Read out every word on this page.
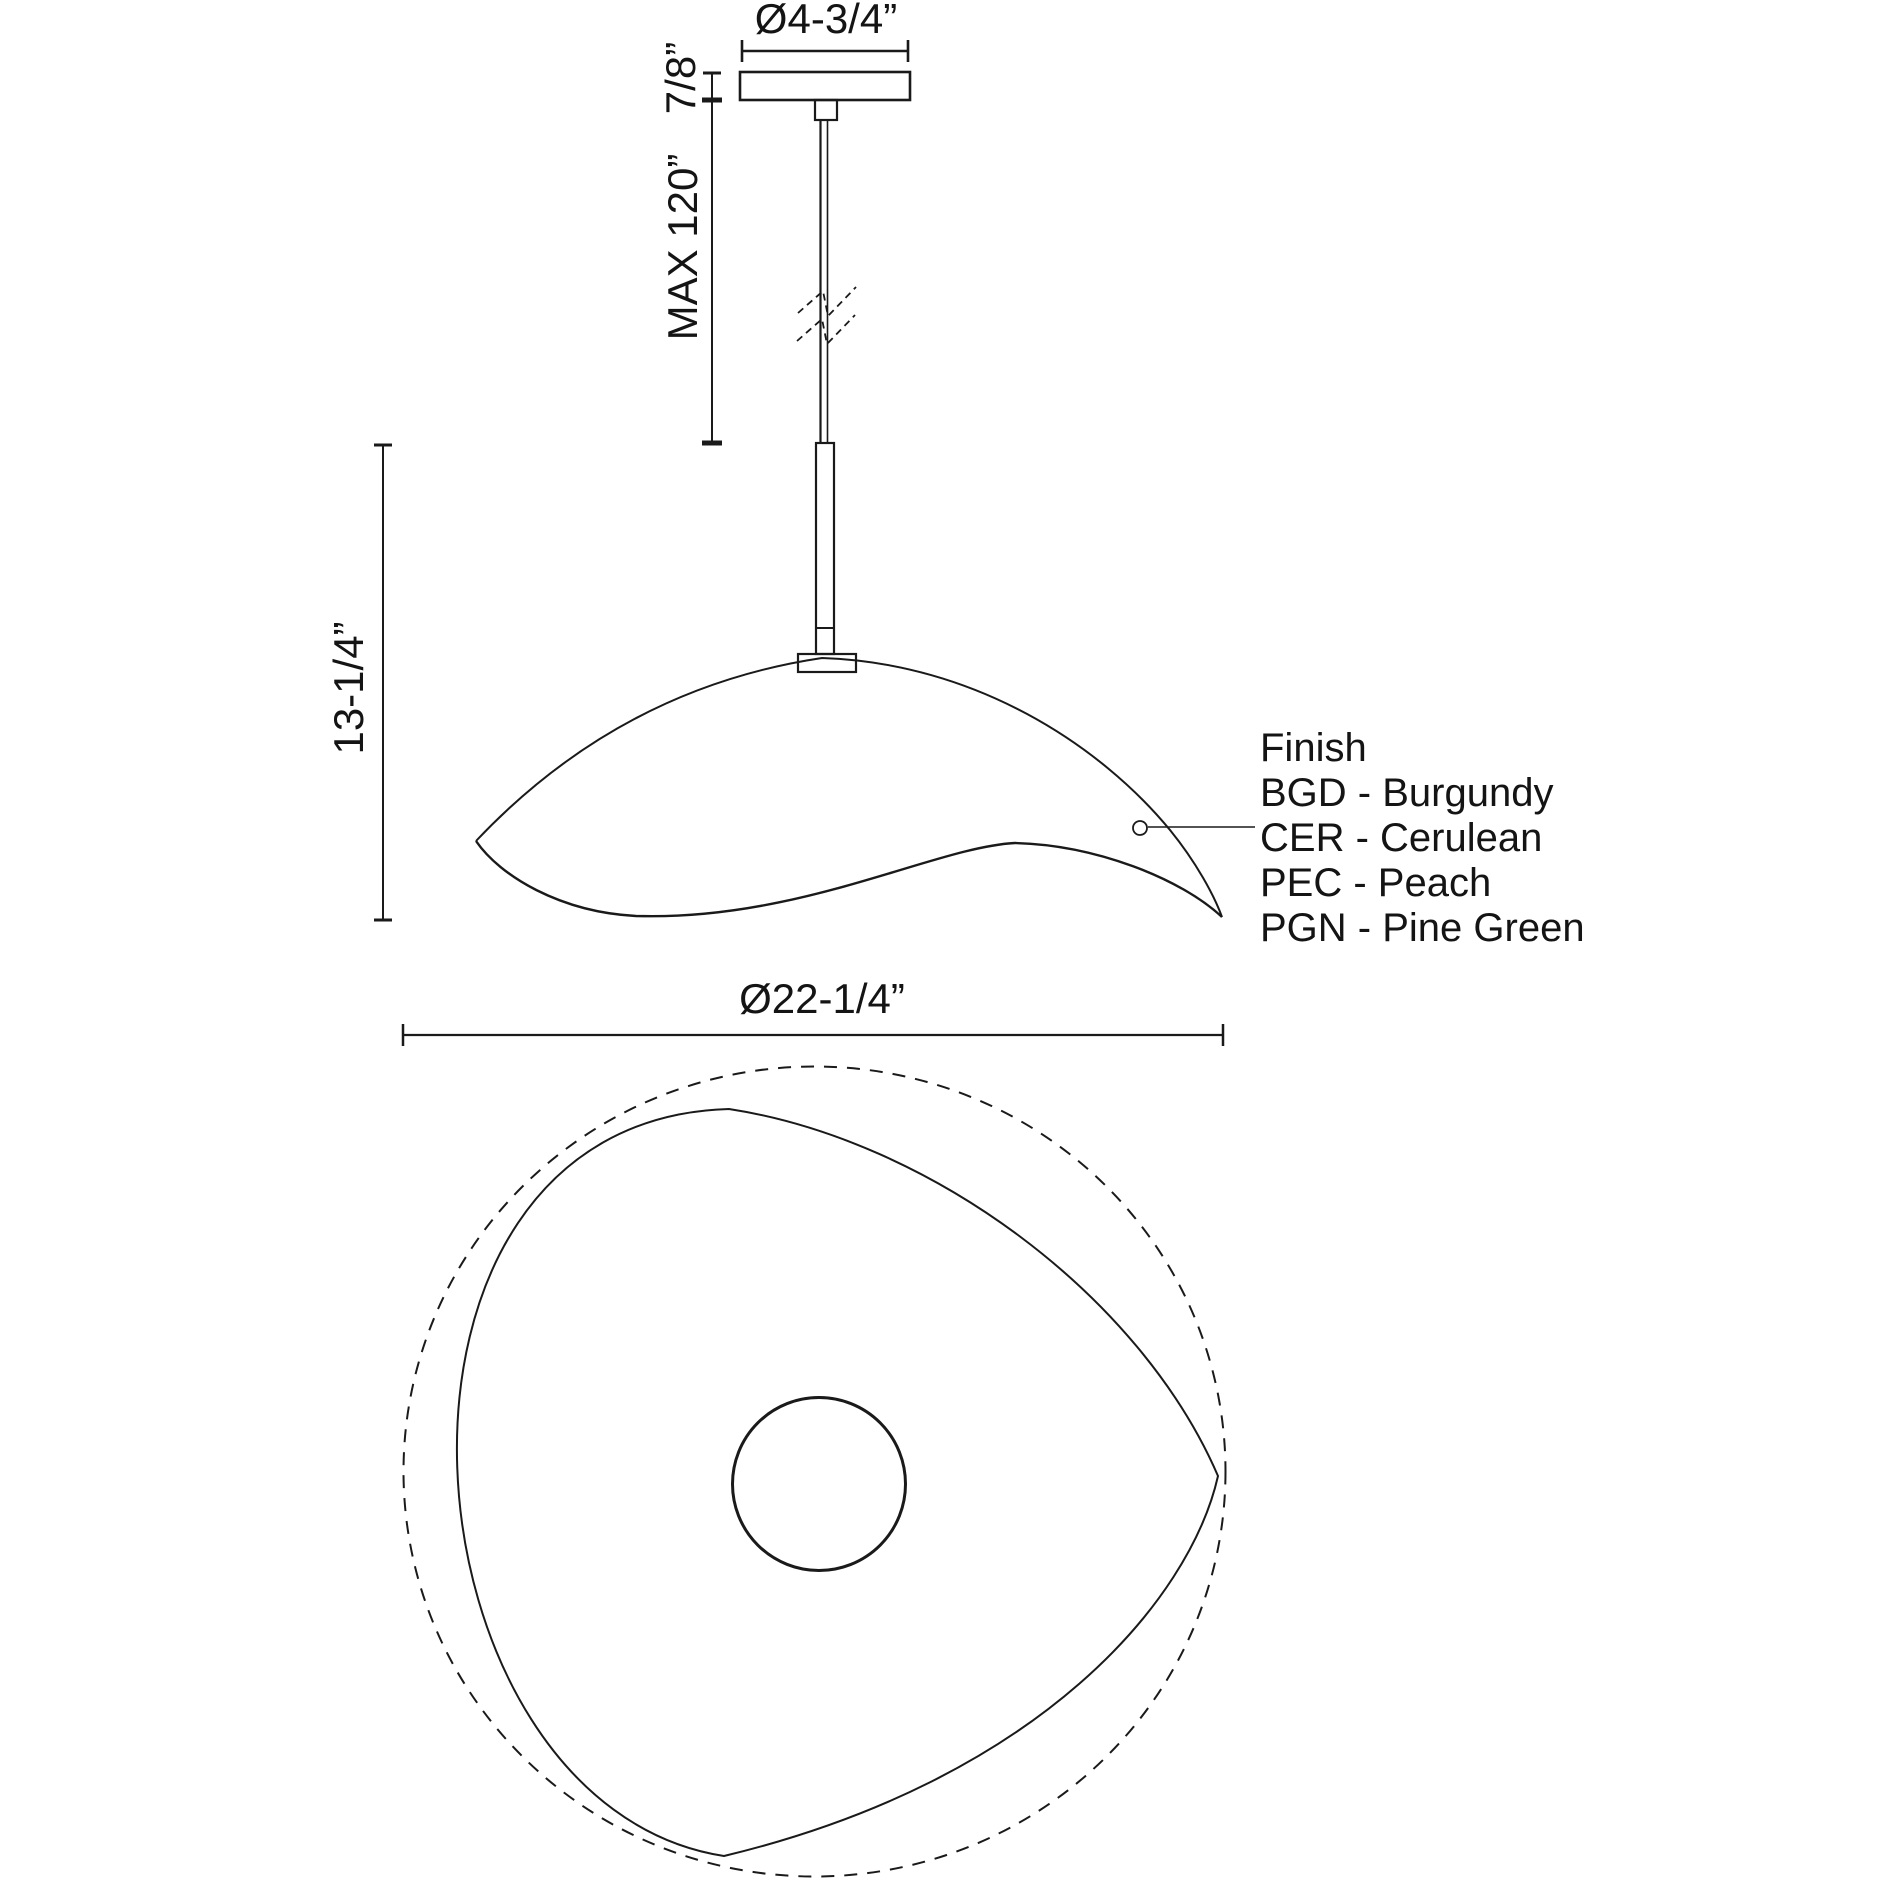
Ø4-3/4”
7/8”
MAX 120”
13-1/4”
Ø22-1/4”
Finish
BGD - Burgundy
CER - Cerulean
PEC - Peach
PGN - Pine Green
